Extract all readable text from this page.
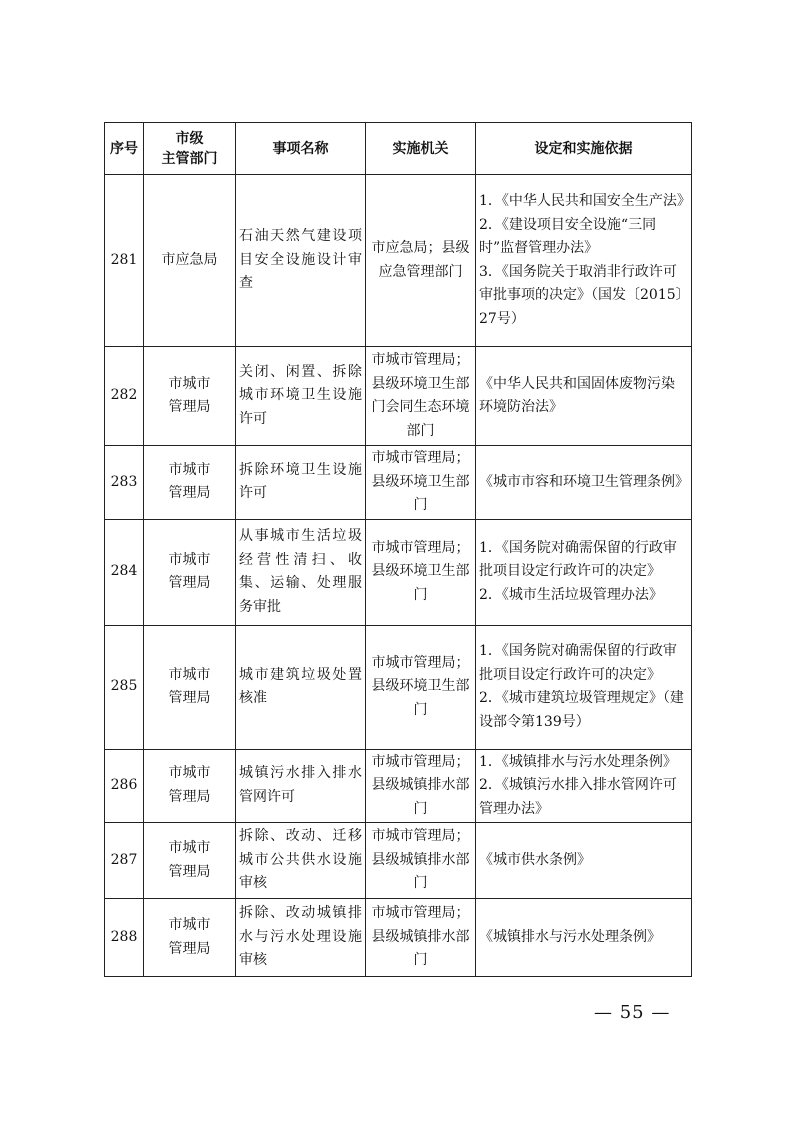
序号	市级
主管部门	事项名称	实施机关	设定和实施依据
281	市应急局	石油天然气建设项目安全设施设计审查	市应急局；县级应急管理部门	1．《中华人民共和国安全生产法》
2．《建设项目安全设施“三同时”监督管理办法》
3．《国务院关于取消非行政许可审批事项的决定》（国发〔2015〕27号）

282	市城市
管理局	关闭、闲置、拆除城市环境卫生设施许可	市城市管理局；县级环境卫生部门会同生态环境部门	《中华人民共和国固体废物污染环境防治法》

283	市城市
管理局	拆除环境卫生设施许可	市城市管理局；县级环境卫生部门	《城市市容和环境卫生管理条例》

284	市城市
管理局	从事城市生活垃圾经营性清扫、收集、运输、处理服务审批	市城市管理局；县级环境卫生部门	1．《国务院对确需保留的行政审批项目设定行政许可的决定》
2．《城市生活垃圾管理办法》

285	市城市
管理局	城市建筑垃圾处置核准	市城市管理局；县级环境卫生部门	1．《国务院对确需保留的行政审批项目设定行政许可的决定》
2．《城市建筑垃圾管理规定》（建设部令第139号）

286	市城市
管理局	城镇污水排入排水管网许可	市城市管理局；县级城镇排水部门	1．《城镇排水与污水处理条例》
2．《城镇污水排入排水管网许可管理办法》

287	市城市
管理局	拆除、改动、迁移城市公共供水设施审核	市城市管理局；县级城镇排水部门	《城市供水条例》

288	市城市
管理局	拆除、改动城镇排水与污水处理设施审核	市城市管理局；县级城镇排水部门	《城镇排水与污水处理条例》
— 55 —
